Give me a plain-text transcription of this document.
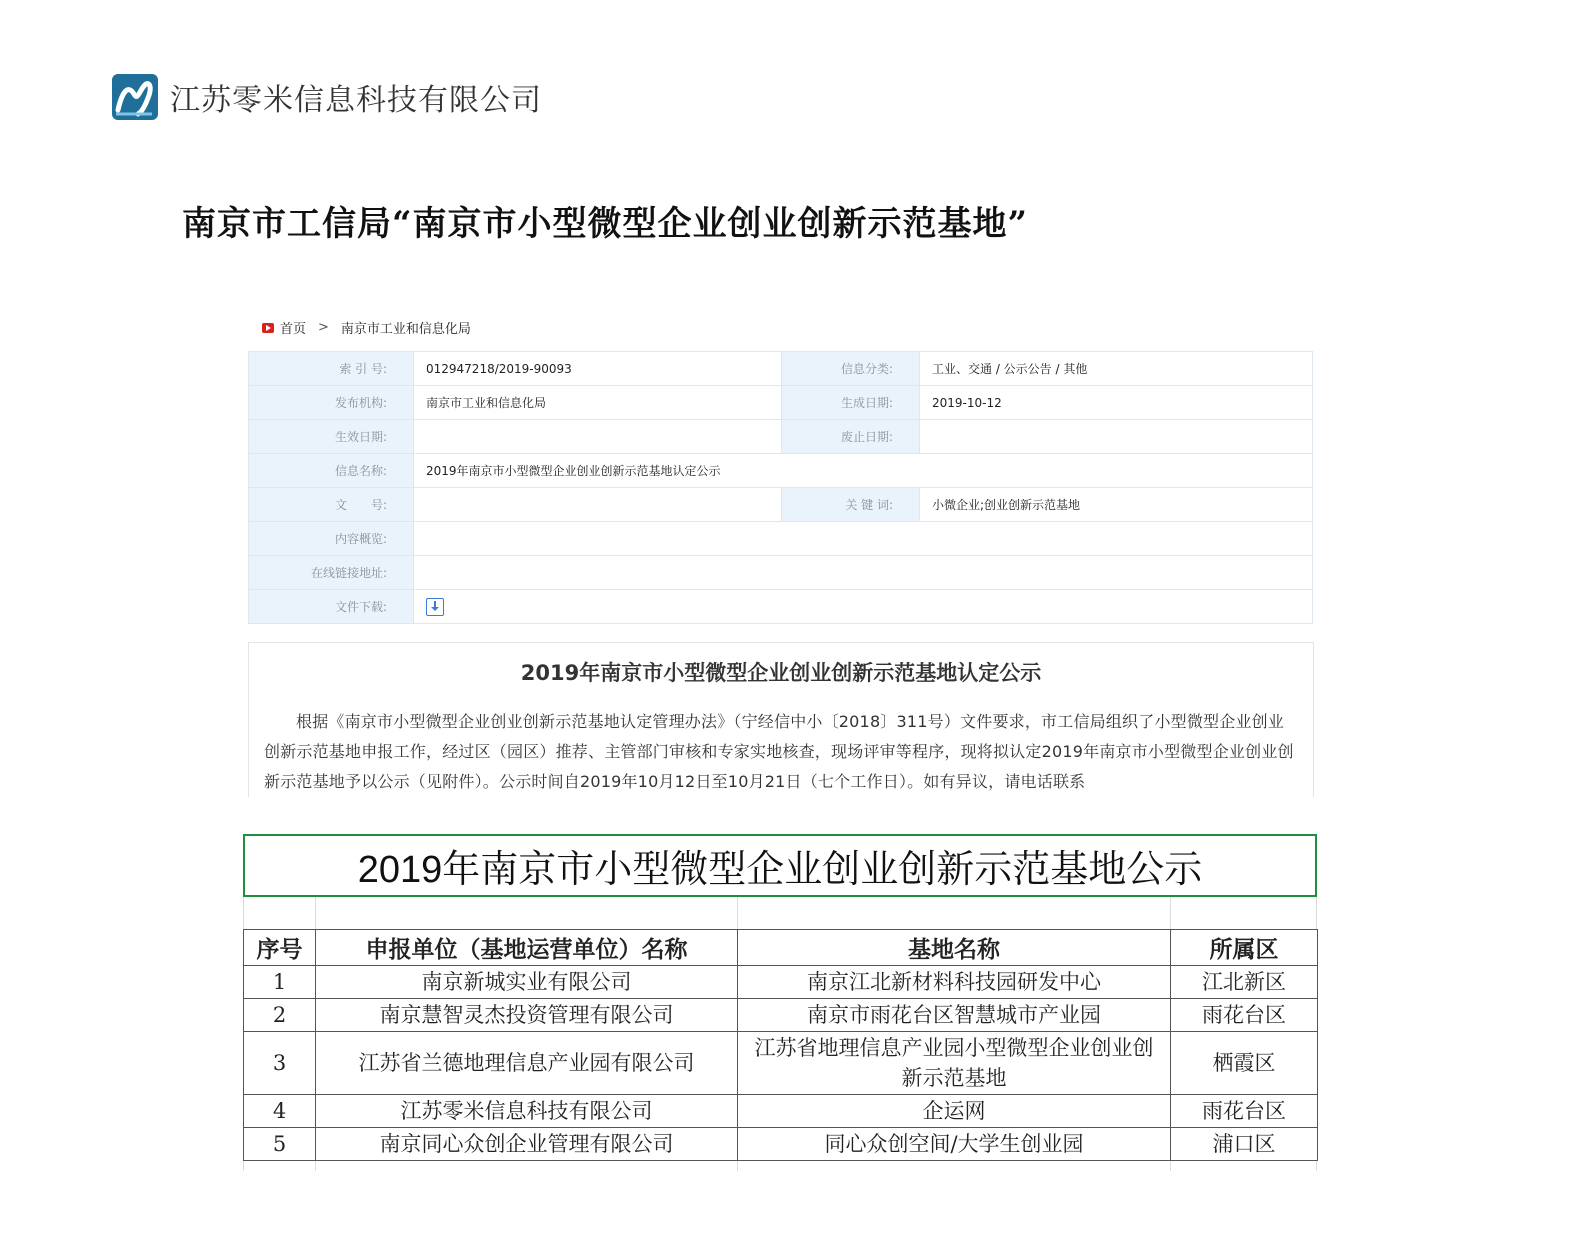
江苏零米信息科技有限公司
南京市工信局“南京市小型微型企业创业创新示范基地”
首页 > 南京市工业和信息化局
索 引 号:	012947218/2019-90093	信息分类:	工业、交通 / 公示公告 / 其他
发布机构:	南京市工业和信息化局	生成日期:	2019-10-12
生效日期:		废止日期:	
信息名称:	2019年南京市小型微型企业创业创新示范基地认定公示		
文　　号:		关 键 词:	小微企业;创业创新示范基地
内容概览:			
在线链接地址:			
文件下载:			
2019年南京市小型微型企业创业创新示范基地认定公示

根据《南京市小型微型企业创业创新示范基地认定管理办法》（宁经信中小〔2018〕311号）文件要求，市工信局组织了小型微型企业创业创新示范基地申报工作，经过区（园区）推荐、主管部门审核和专家实地核查，现场评审等程序，现将拟认定2019年南京市小型微型企业创业创新示范基地予以公示（见附件）。公示时间自2019年10月12日至10月21日（七个工作日）。如有异议，请电话联系

2019年南京市小型微型企业创业创新示范基地公示
序号	申报单位（基地运营单位）名称	基地名称	所属区
1	南京新城实业有限公司	南京江北新材料科技园研发中心	江北新区
2	南京慧智灵杰投资管理有限公司	南京市雨花台区智慧城市产业园	雨花台区
3	江苏省兰德地理信息产业园有限公司	江苏省地理信息产业园小型微型企业创业创新示范基地	栖霞区
4	江苏零米信息科技有限公司	企运网	雨花台区
5	南京同心众创企业管理有限公司	同心众创空间/大学生创业园	浦口区
